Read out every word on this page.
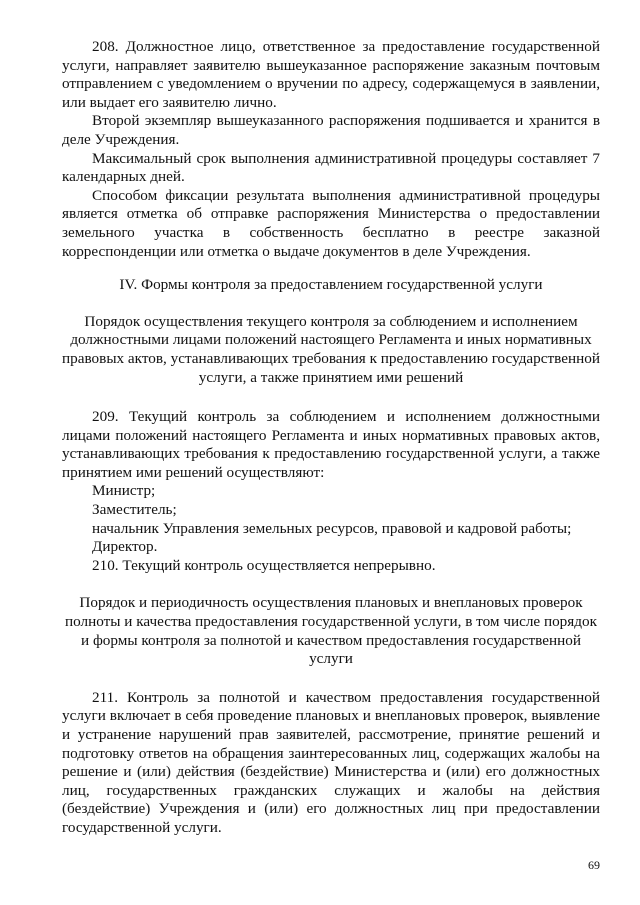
208. Должностное лицо, ответственное за предоставление государственной услуги, направляет заявителю вышеуказанное распоряжение заказным почтовым отправлением с уведомлением о вручении по адресу, содержащемуся в заявлении, или выдает его заявителю лично.

Второй экземпляр вышеуказанного распоряжения подшивается и хранится в деле Учреждения.

Максимальный срок выполнения административной процедуры составляет 7 календарных дней.

Способом фиксации результата выполнения административной процедуры является отметка об отправке распоряжения Министерства о предоставлении земельного участка в собственность бесплатно в реестре заказной корреспонденции или отметка о выдаче документов в деле Учреждения.

IV. Формы контроля за предоставлением государственной услуги

Порядок осуществления текущего контроля за соблюдением и исполнением должностными лицами положений настоящего Регламента и иных нормативных правовых актов, устанавливающих требования к предоставлению государственной услуги, а также принятием ими решений

209. Текущий контроль за соблюдением и исполнением должностными лицами положений настоящего Регламента и иных нормативных правовых актов, устанавливающих требования к предоставлению государственной услуги, а также принятием ими решений осуществляют:

Министр;

Заместитель;

начальник Управления земельных ресурсов, правовой и кадровой работы;

Директор.

210. Текущий контроль осуществляется непрерывно.

Порядок и периодичность осуществления плановых и внеплановых проверок полноты и качества предоставления государственной услуги, в том числе порядок и формы контроля за полнотой и качеством предоставления государственной услуги

211. Контроль за полнотой и качеством предоставления государственной услуги включает в себя проведение плановых и внеплановых проверок, выявление и устранение нарушений прав заявителей, рассмотрение, принятие решений и подготовку ответов на обращения заинтересованных лиц, содержащих жалобы на решение и (или) действия (бездействие) Министерства и (или) его должностных лиц, государственных гражданских служащих и жалобы на действия (бездействие) Учреждения и (или) его должностных лиц при предоставлении государственной услуги.

69
